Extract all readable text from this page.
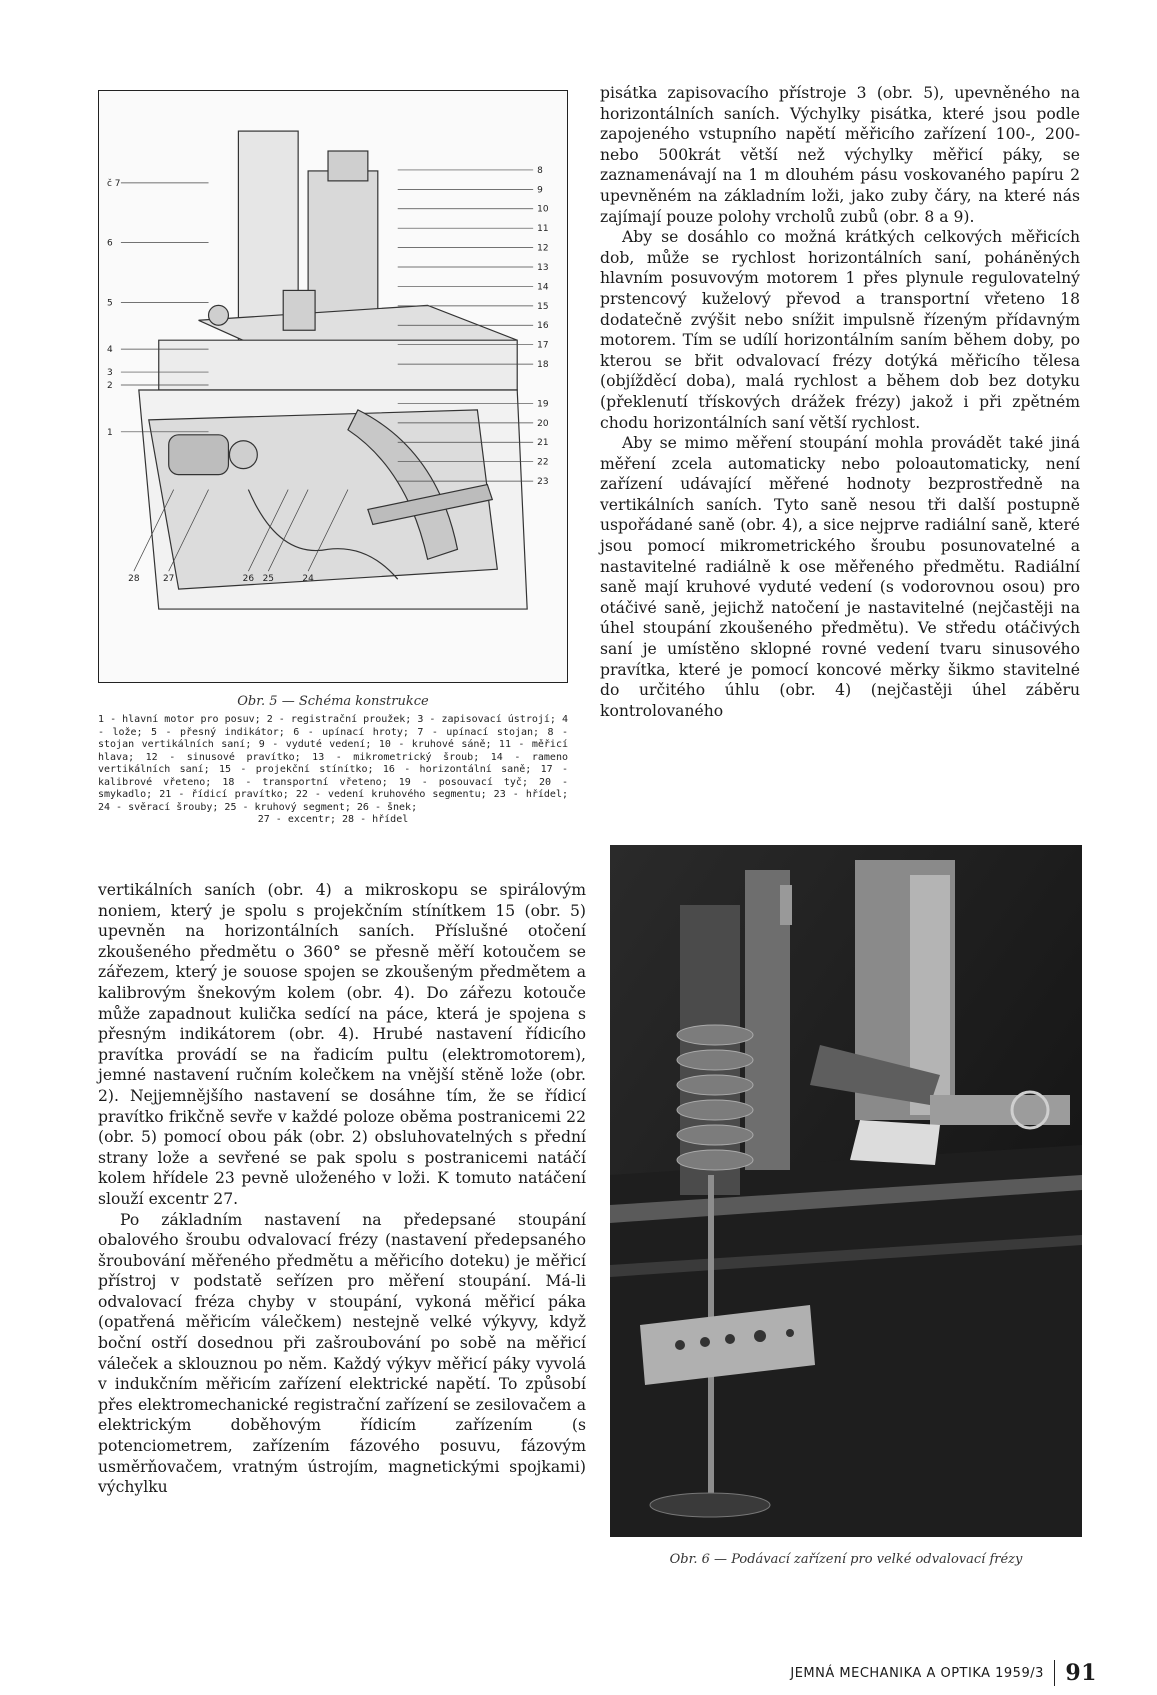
č 7
6
5
4
3
2
1
8
9
10
11
12
13
14
15
16
17
18
19
20
21
22
23
28	27	26 25	24
Obr. 5 — Schéma konstrukce
1 - hlavní motor pro posuv; 2 - registrační proužek; 3 - zapisovací ústrojí; 4 - lože; 5 - přesný indikátor; 6 - upínací hroty; 7 - upínací stojan; 8 - stojan vertikálních saní; 9 - vyduté vedení; 10 - kruhové sáně; 11 - měřicí hlava; 12 - sinusové pravítko; 13 - mikrometrický šroub; 14 - rameno vertikálních saní; 15 - projekční stínítko; 16 - horizontální saně; 17 - kalibrové vřeteno; 18 - transportní vřeteno; 19 - posouvací tyč; 20 - smykadlo; 21 - řídicí pravítko; 22 - vedení kruhového segmentu; 23 - hřídel; 24 - svěrací šrouby; 25 - kruhový segment; 26 - šnek;
27 - excentr; 28 - hřídel

vertikálních saních (obr. 4) a mikroskopu se spirálovým noniem, který je spolu s projekčním stínítkem 15 (obr. 5) upevněn na horizontálních saních. Příslušné otočení zkoušeného předmětu o 360° se přesně měří kotoučem se zářezem, který je souose spojen se zkoušeným předmětem a kalibrovým šnekovým kolem (obr. 4). Do zářezu kotouče může zapadnout kulička sedící na páce, která je spojena s přesným indikátorem (obr. 4). Hrubé nastavení řídicího pravítka provádí se na řadicím pultu (elektromotorem), jemné nastavení ručním kolečkem na vnější stěně lože (obr. 2). Nejjemnějšího nastavení se dosáhne tím, že se řídicí pravítko frikčně sevře v každé poloze oběma postranicemi 22 (obr. 5) pomocí obou pák (obr. 2) obsluhovatelných s přední strany lože a sevřené se pak spolu s postranicemi natáčí kolem hřídele 23 pevně uloženého v loži. K tomuto natáčení slouží excentr 27.

Po základním nastavení na předepsané stoupání obalového šroubu odvalovací frézy (nastavení předepsaného šroubování měřeného předmětu a měřicího doteku) je měřicí přístroj v podstatě seřízen pro měření stoupání. Má-li odvalovací fréza chyby v stoupání, vykoná měřicí páka (opatřená měřicím válečkem) nestejně velké výkyvy, když boční ostří dosednou při zašroubování po sobě na měřicí váleček a sklouznou po něm. Každý výkyv měřicí páky vyvolá v indukčním měřicím zařízení elektrické napětí. To způsobí přes elektromechanické registrační zařízení se zesilovačem a elektrickým doběhovým řídicím zařízením (s potenciometrem, zařízením fázového posuvu, fázovým usměrňovačem, vratným ústrojím, magnetickými spojkami) výchylku

pisátka zapisovacího přístroje 3 (obr. 5), upevněného na horizontálních saních. Výchylky pisátka, které jsou podle zapojeného vstupního napětí měřicího zařízení 100-, 200- nebo 500krát větší než výchylky měřicí páky, se zaznamenávají na 1 m dlouhém pásu voskovaného papíru 2 upevněném na základním loži, jako zuby čáry, na které nás zajímají pouze polohy vrcholů zubů (obr. 8 a 9).

Aby se dosáhlo co možná krátkých celkových měřicích dob, může se rychlost horizontálních saní, poháněných hlavním posuvovým motorem 1 přes plynule regulovatelný prstencový kuželový převod a transportní vřeteno 18 dodatečně zvýšit nebo snížit impulsně řízeným přídavným motorem. Tím se udílí horizontálním saním během doby, po kterou se břit odvalovací frézy dotýká měřicího tělesa (objížděcí doba), malá rychlost a během dob bez dotyku (překlenutí třískových drážek frézy) jakož i při zpětném chodu horizontálních saní větší rychlost.

Aby se mimo měření stoupání mohla provádět také jiná měření zcela automaticky nebo poloautomaticky, není zařízení udávající měřené hodnoty bezprostředně na vertikálních saních. Tyto saně nesou tři další postupně uspořádané saně (obr. 4), a sice nejprve radiální saně, které jsou pomocí mikrometrického šroubu posunovatelné a nastavitelné radiálně k ose měřeného předmětu. Radiální saně mají kruhové vyduté vedení (s vodorovnou osou) pro otáčivé saně, jejichž natočení je nastavitelné (nejčastěji na úhel stoupání zkoušeného předmětu). Ve středu otáčivých saní je umístěno sklopné rovné vedení tvaru sinusového pravítka, které je pomocí koncové měrky šikmo stavitelné do určitého úhlu (obr. 4) (nejčastěji úhel záběru kontrolovaného

Obr. 6 — Podávací zařízení pro velké odvalovací frézy
JEMNÁ MECHANIKA A OPTIKA 1959/3 91
